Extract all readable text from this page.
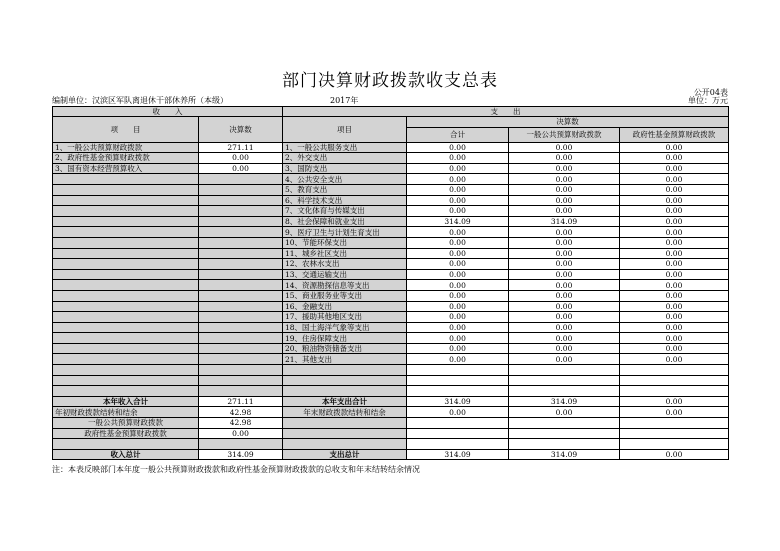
部门决算财政拨款收支总表
公开04表
编制单位：汉滨区军队离退休干部休养所（本级）	2017年	单位：万元
收　　入		支　　出			
项　　目	决算数	项目	决算数		
			合计	一般公共预算财政拨款	政府性基金预算财政拨款
1、一般公共预算财政拨款	271.11	1、一般公共服务支出	0.00	0.00	0.00
2、政府性基金预算财政拨款	0.00	2、外交支出	0.00	0.00	0.00
3、国有资本经营预算收入	0.00	3、国防支出	0.00	0.00	0.00
		4、公共安全支出	0.00	0.00	0.00
		5、教育支出	0.00	0.00	0.00
		6、科学技术支出	0.00	0.00	0.00
		7、文化体育与传媒支出	0.00	0.00	0.00
		8、社会保障和就业支出	314.09	314.09	0.00
		9、医疗卫生与计划生育支出	0.00	0.00	0.00
		10、节能环保支出	0.00	0.00	0.00
		11、城乡社区支出	0.00	0.00	0.00
		12、农林水支出	0.00	0.00	0.00
		13、交通运输支出	0.00	0.00	0.00
		14、资源勘探信息等支出	0.00	0.00	0.00
		15、商业服务业等支出	0.00	0.00	0.00
		16、金融支出	0.00	0.00	0.00
		17、援助其他地区支出	0.00	0.00	0.00
		18、国土海洋气象等支出	0.00	0.00	0.00
		19、住房保障支出	0.00	0.00	0.00
		20、粮油物资储备支出	0.00	0.00	0.00
		21、其他支出	0.00	0.00	0.00

本年收入合计	271.11	本年支出合计	314.09	314.09	0.00
年初财政拨款结转和结余	42.98	年末财政拨款结转和结余	0.00	0.00	0.00
一般公共预算财政拨款	42.98				
政府性基金预算财政拨款	0.00				

收入总计	314.09	支出总计	314.09	314.09	0.00
注：本表反映部门本年度一般公共预算财政拨款和政府性基金预算财政拨款的总收支和年末结转结余情况
